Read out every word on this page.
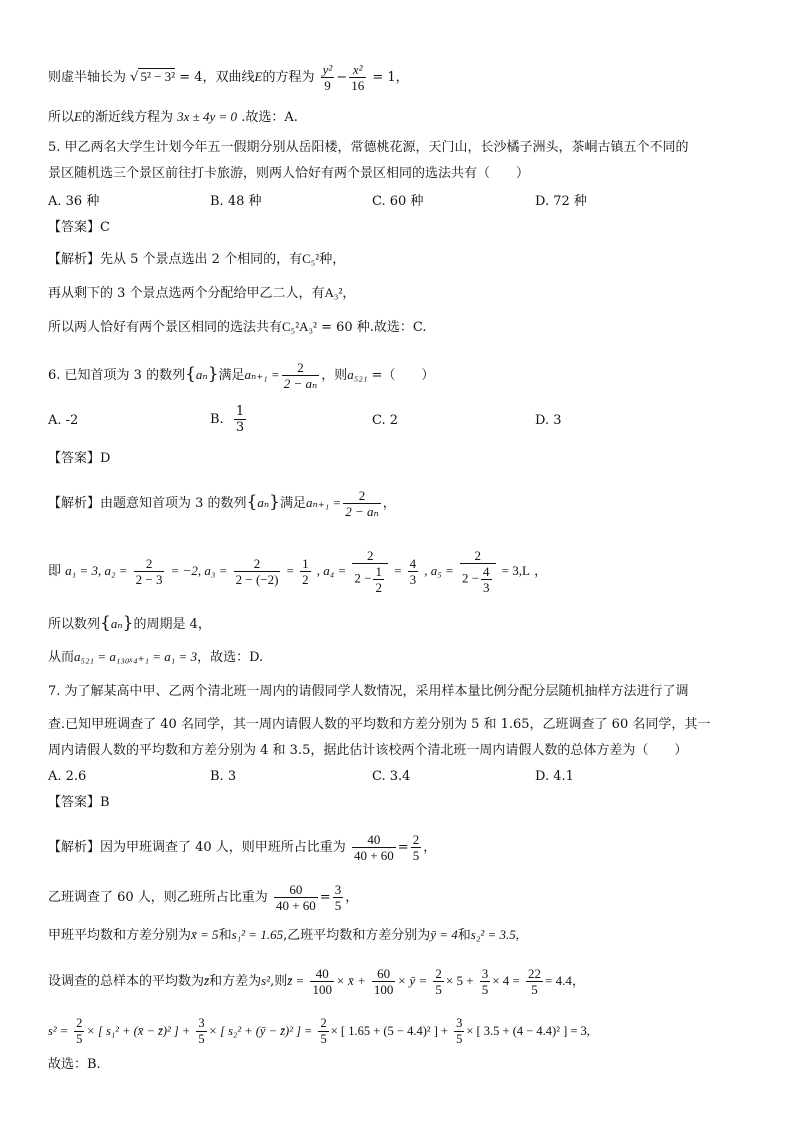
则虚半轴长为 √ 5² − 3² = 4，双曲线E的方程为 $\frac{\text{y²}}{9} - \frac{\text{x²}}{16} = 1$，
所以E的渐近线方程为 3x ± 4y = 0 .故选：A.
5. 甲乙两名大学生计划今年五一假期分别从岳阳楼，常德桃花源，天门山，长沙橘子洲头，茶峒古镇五个不同的
景区随机选三个景区前往打卡旅游，则两人恰好有两个景区相同的选法共有（　　）
A. 36 种	B. 48 种	C. 60 种	D. 72 种
【答案】C
【解析】先从 5 个景点选出 2 个相同的，有C₅²种，
再从剩下的 3 个景点选两个分配给甲乙二人，有A₃²，
所以两人恰好有两个景区相同的选法共有C₅²A₃² = 60 种.故选：C.
6. 已知首项为 3 的数列{aₙ}满足$a_{n+1} = \frac{2}{\text{2 − aₙ}}$ ，则a₅₂₁ =（　　）
A. -2	B. $\frac{1}{3}$	C. 2	D. 3
【答案】D
【解析】由题意知首项为 3 的数列{aₙ}满足$a_{n+1} = \frac{2}{\text{2 − aₙ}}$ ，
即 a₁ = 3, $a_2 = \frac{2}{2 - 3} = -2$, $a_3 = \frac{2}{2 - (-2)} = \frac{1}{2}$ , $a_4 = \frac{2}{2 - \frac{1}{2}} = \frac{4}{3}$ , $a_5 = \frac{2}{2 - \frac{4}{3}} = 3,L$ ，
所以数列{aₙ}的周期是 4，
从而a₅₂₁ = a₁₃₀ₓ₄₊₁ = a₁ = 3，故选：D.
7. 为了解某高中甲、乙两个清北班一周内的请假同学人数情况，采用样本量比例分配分层随机抽样方法进行了调
查.已知甲班调查了 40 名同学，其一周内请假人数的平均数和方差分别为 5 和 1.65，乙班调查了 60 名同学，其一
周内请假人数的平均数和方差分别为 4 和 3.5，据此估计该校两个清北班一周内请假人数的总体方差为（　　）
A. 2.6	B. 3	C. 3.4	D. 4.1
【答案】B
【解析】因为甲班调查了 40 人，则甲班所占比重为 $\frac{40}{40 + 60} = \frac{2}{5}$ ，
乙班调查了 60 人，则乙班所占比重为 $\frac{60}{40 + 60} = \frac{3}{5}$ ，
甲班平均数和方差分别为x̄ = 5和s₁² = 1.65,乙班平均数和方差分别为ȳ = 4和s₂² = 3.5,
设调查的总样本的平均数为z̄和方差为s²,则z̄ = $\frac{40}{100}$ × x̄ + $\frac{60}{100}$ × ȳ = $\frac{2}{5} \times 5 + \frac{3}{5} \times 4 = \frac{22}{5} = 4.4$，
$s^2 = \frac{2}{5}$ × [ s₁² + (x̄ − z̄)² ] + $\frac{3}{5}$ × [ s₂² + (ȳ − z̄)² ] = $\frac{2}{5}$ × [ 1.65 + (5 − 4.4)² ] + $\frac{3}{5}$ × [ 3.5 + (4 − 4.4)² ] = 3,
故选：B.
